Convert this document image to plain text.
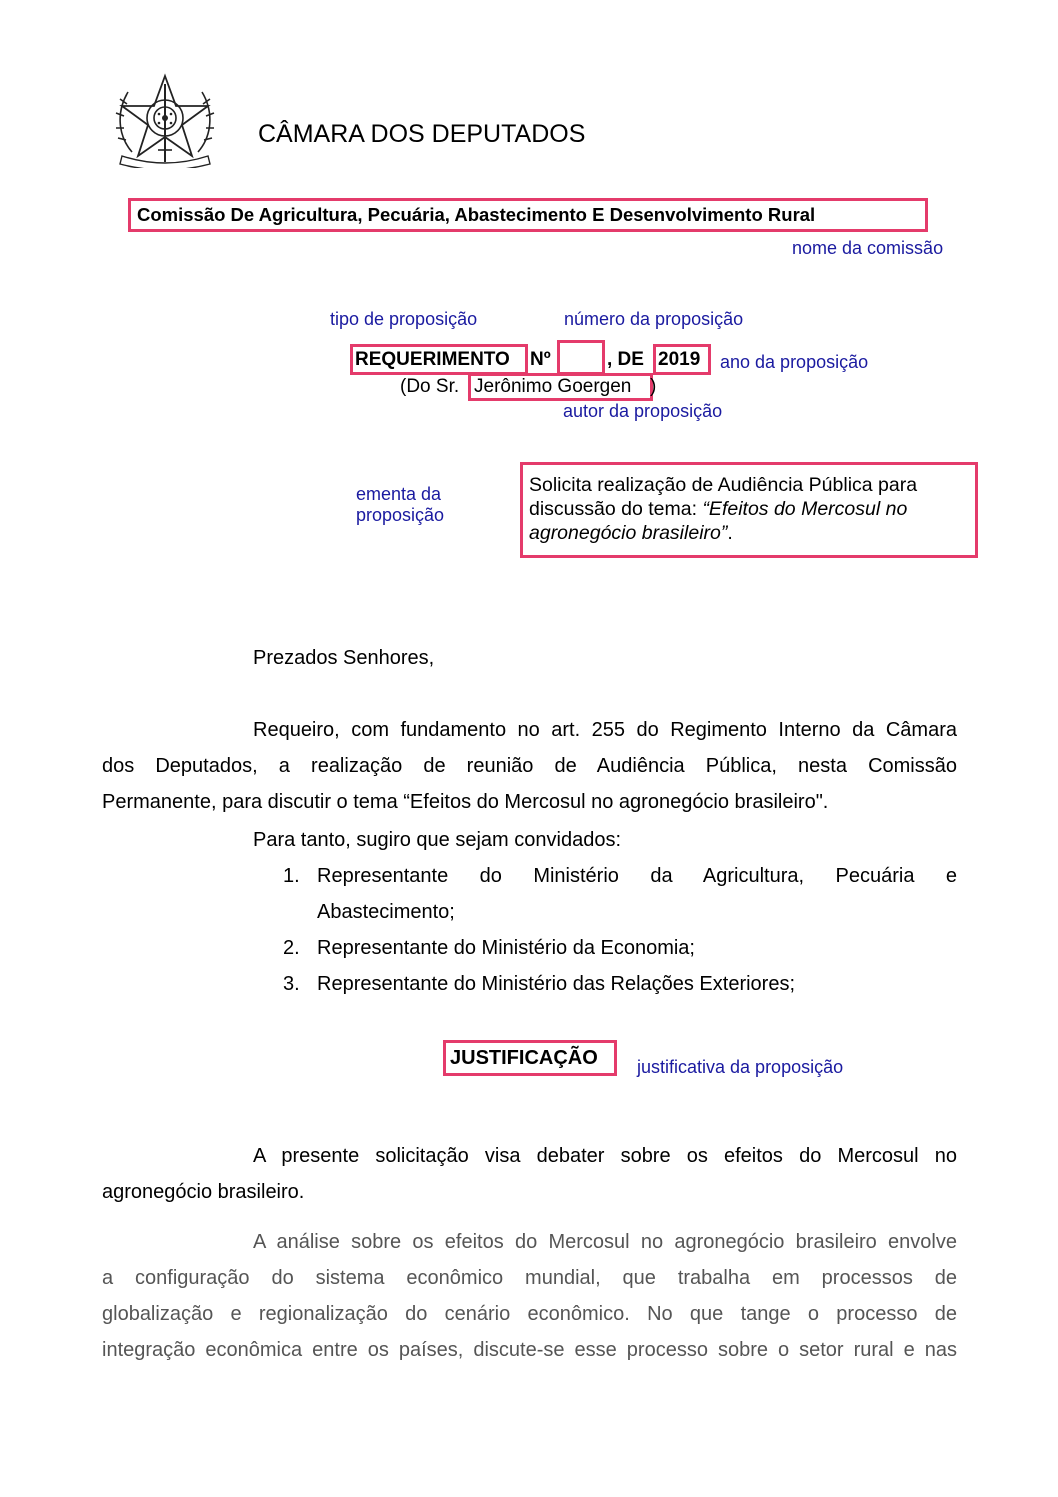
CÂMARA DOS DEPUTADOS
Comissão De Agricultura, Pecuária, Abastecimento E Desenvolvimento Rural
nome da comissão
tipo de proposição	número da proposição
REQUERIMENTO Nº	, DE 2019 ano da proposição
(Do Sr. Jerônimo Goergen )
autor da proposição
ementa da
proposição
Solicita realização de Audiência Pública para
discussão do tema: “Efeitos do Mercosul no
agronegócio brasileiro”.
Prezados Senhores,
Requeiro, com fundamento no art. 255 do Regimento Interno da Câmara
dos Deputados, a realização de reunião de Audiência Pública, nesta Comissão
Permanente, para discutir o tema “Efeitos do Mercosul no agronegócio brasileiro".
Para tanto, sugiro que sejam convidados:
1. Representante do Ministério da Agricultura, Pecuária e
Abastecimento;
2. Representante do Ministério da Economia;
3. Representante do Ministério das Relações Exteriores;
JUSTIFICAÇÃO justificativa da proposição
A presente solicitação visa debater sobre os efeitos do Mercosul no
agronegócio brasileiro.
A análise sobre os efeitos do Mercosul no agronegócio brasileiro envolve
a configuração do sistema econômico mundial, que trabalha em processos de
globalização e regionalização do cenário econômico. No que tange o processo de
integração econômica entre os países, discute-se esse processo sobre o setor rural e nas
